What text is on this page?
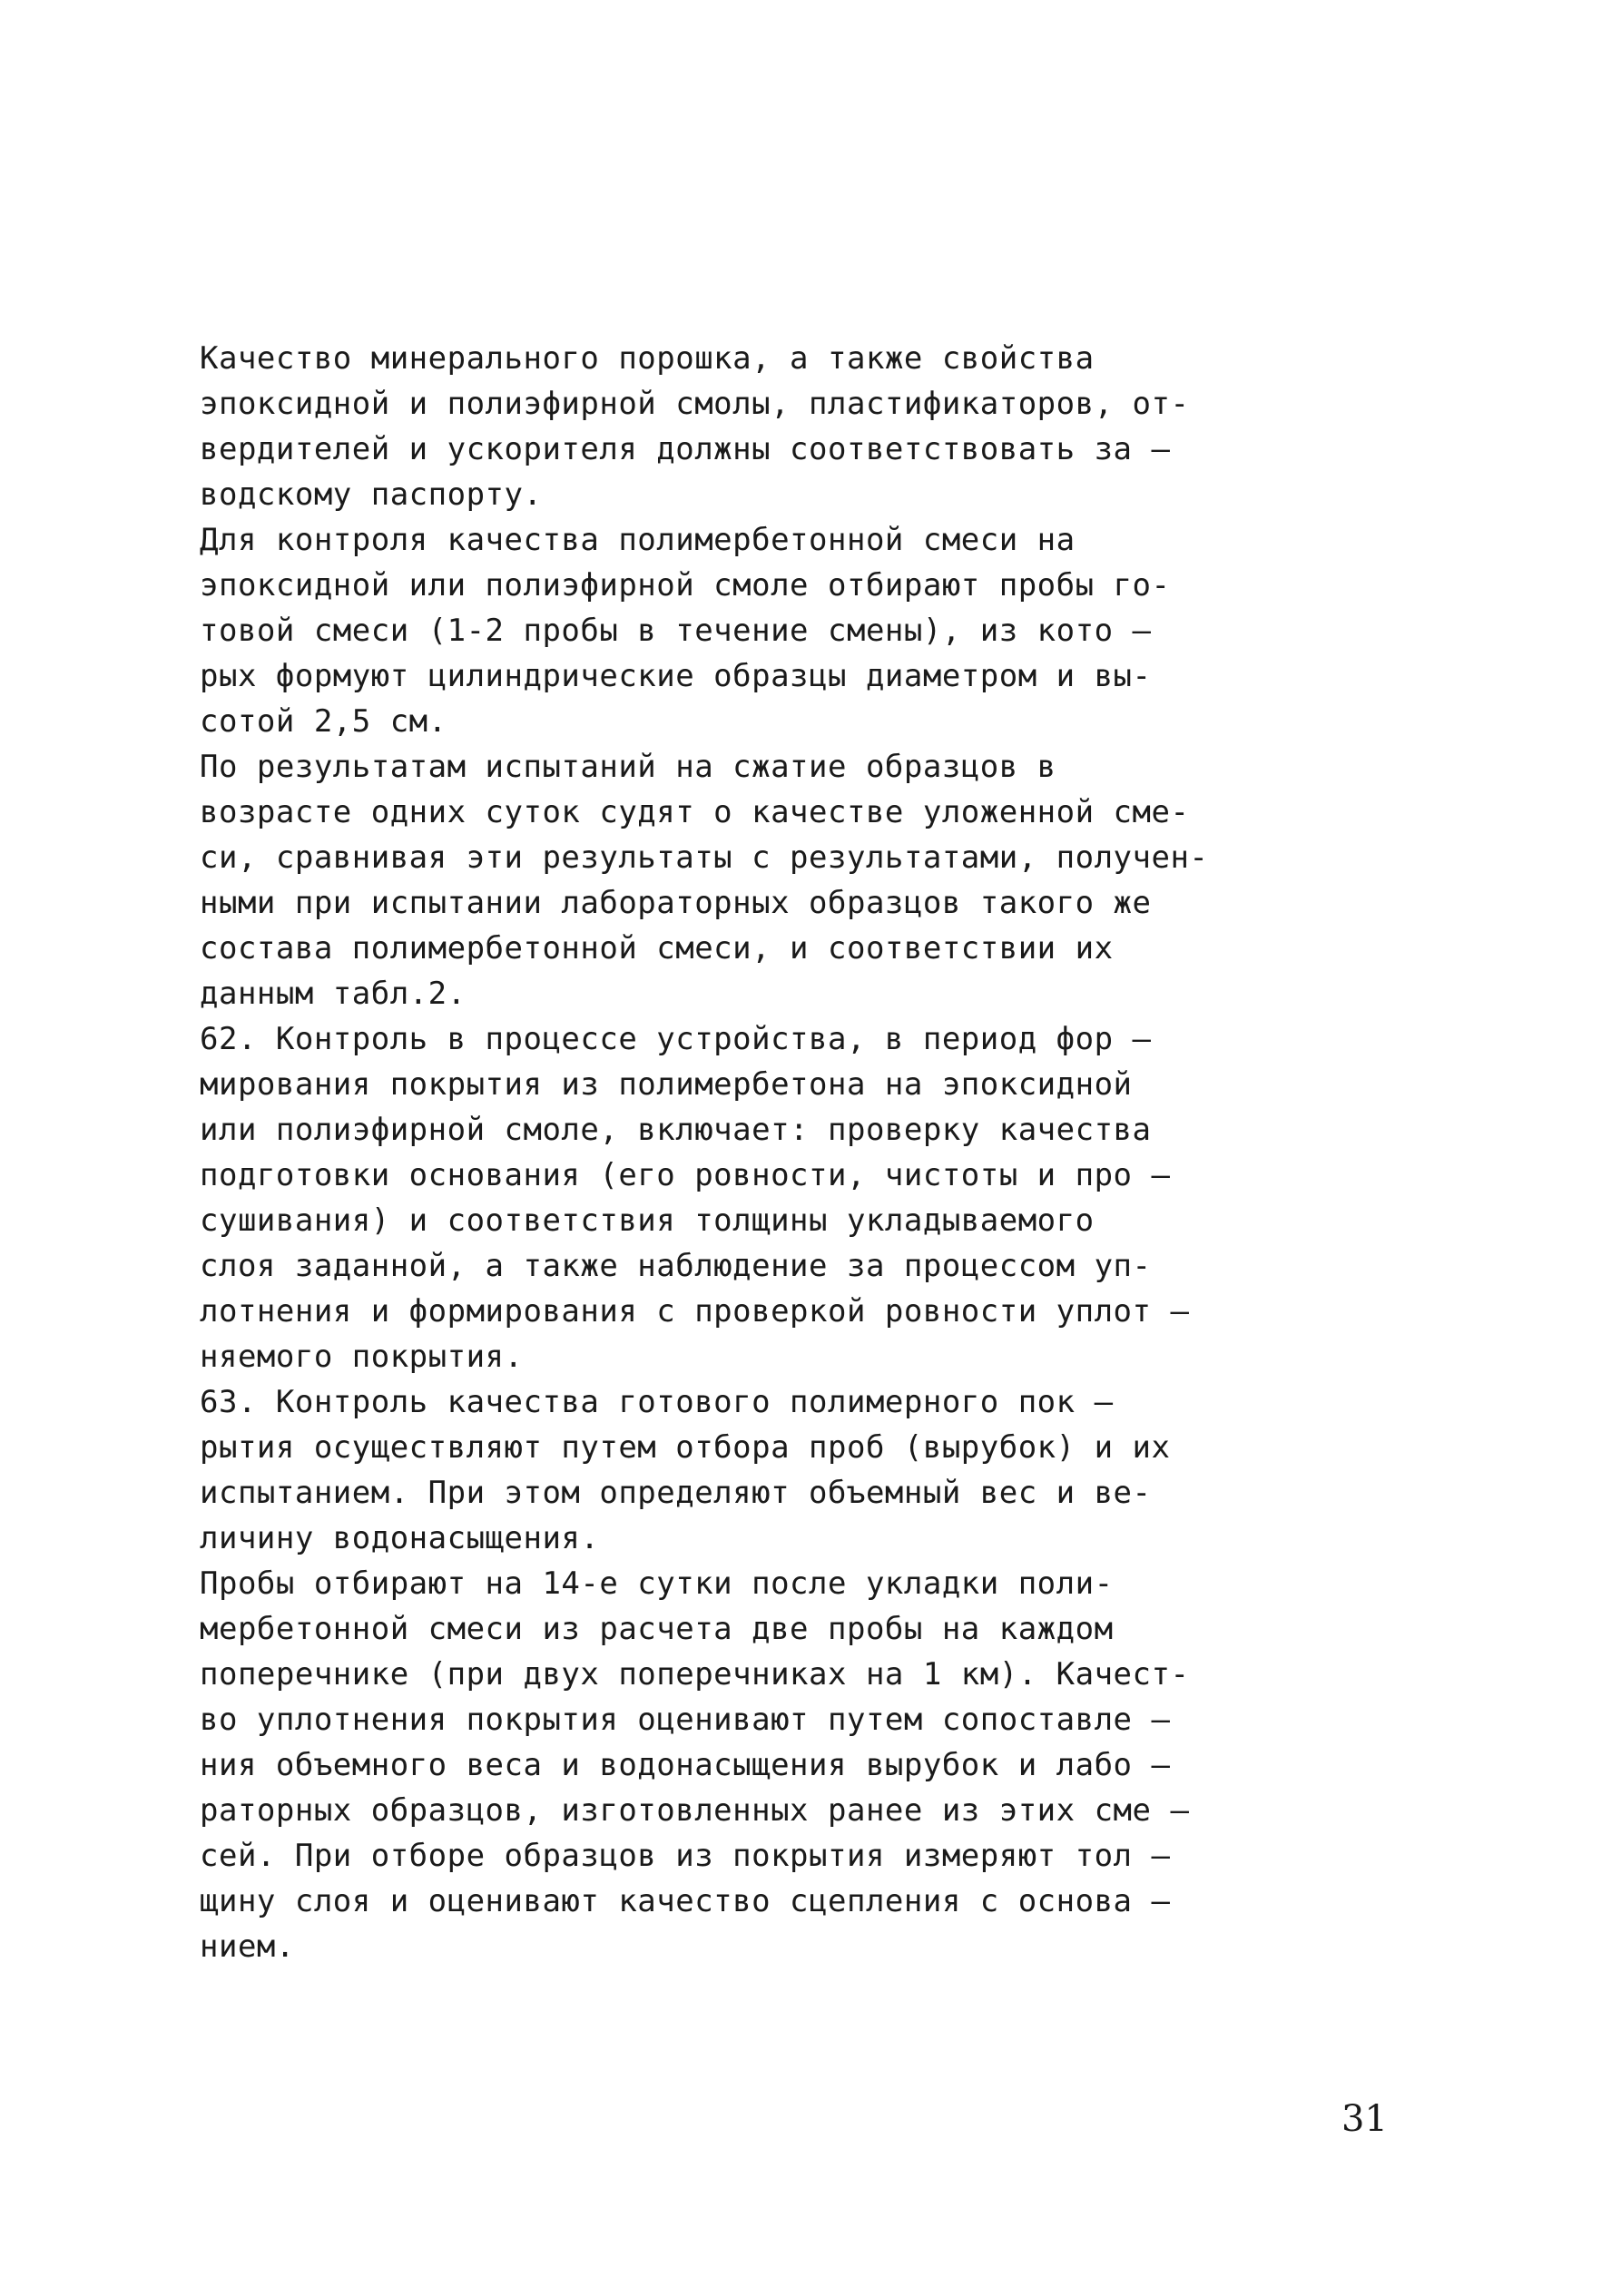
Качество минерального порошка, а также свойства
эпоксидной и полиэфирной смолы, пластификаторов, от-
вердителей и ускорителя должны соответствовать за –
водскому паспорту.
Для контроля качества полимербетонной смеси на
эпоксидной или полиэфирной смоле отбирают пробы го-
товой смеси (1-2 пробы в течение смены), из кото –
рых формуют цилиндрические образцы диаметром и вы-
сотой 2,5 см.
По результатам испытаний на сжатие образцов в
возрасте одних суток судят о качестве уложенной сме-
си, сравнивая эти результаты с результатами, получен-
ными при испытании лабораторных образцов такого же
состава полимербетонной смеси, и соответствии их
данным табл.2.
62. Контроль в процессе устройства, в период фор –
мирования покрытия из полимербетона на эпоксидной
или полиэфирной смоле, включает: проверку качества
подготовки основания (его ровности, чистоты и про –
сушивания) и соответствия толщины укладываемого
слоя заданной, а также наблюдение за процессом уп-
лотнения и формирования с проверкой ровности уплот –
няемого покрытия.
63. Контроль качества готового полимерного пок –
рытия осуществляют путем отбора проб (вырубок) и их
испытанием. При этом определяют объемный вес и ве-
личину водонасыщения.
Пробы отбирают на 14-е сутки после укладки поли-
мербетонной смеси из расчета две пробы на каждом
поперечнике (при двух поперечниках на 1 км). Качест-
во уплотнения покрытия оценивают путем сопоставле –
ния объемного веса и водонасыщения вырубок и лабо –
раторных образцов, изготовленных ранее из этих сме –
сей. При отборе образцов из покрытия измеряют тол –
щину слоя и оценивают качество сцепления с основа –
нием.
31
